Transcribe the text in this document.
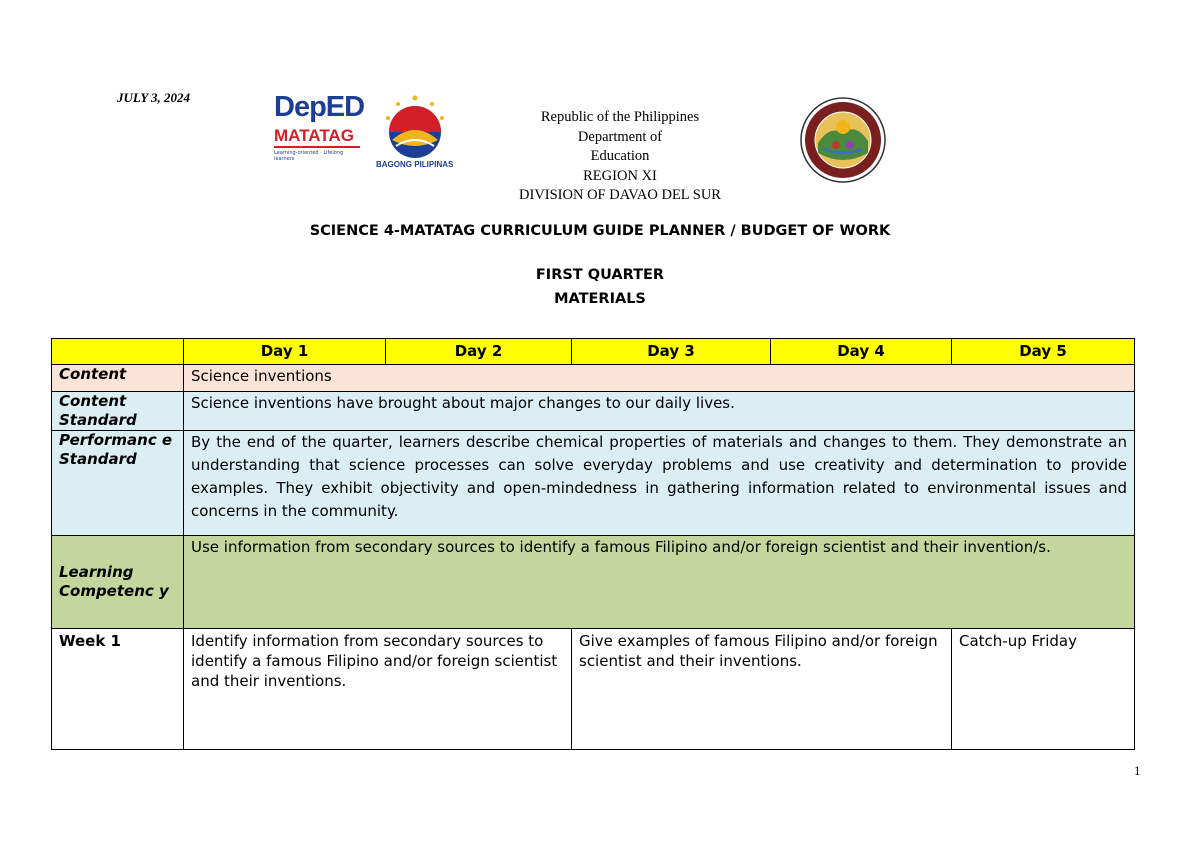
JULY 3, 2024	DepED
MATATAG
Learning-oriented · Lifelong learners
BAGONG PILIPINAS
Republic of the Philippines
Department of
Education
REGION XI
DIVISION OF DAVAO DEL SUR
SCIENCE 4-MATATAG CURRICULUM GUIDE PLANNER / BUDGET OF WORK
FIRST QUARTER
MATERIALS
	Day 1	Day 2	Day 3	Day 4	Day 5
Content	Science inventions				
Content Standard	Science inventions have brought about major changes to our daily lives.				
Performanc e Standard	By the end of the quarter, learners describe chemical properties of materials and changes to them. They demonstrate an understanding that science processes can solve everyday problems and use creativity and determination to provide examples. They exhibit objectivity and open-mindedness in gathering information related to environmental issues and concerns in the community.				
Learning Competenc y	Use information from secondary sources to identify a famous Filipino and/or foreign scientist and their invention/s.				
Week 1	Identify information from secondary sources to identify a famous Filipino and/or foreign scientist and their inventions.		Give examples of famous Filipino and/or foreign scientist and their inventions.		Catch-up Friday
1
